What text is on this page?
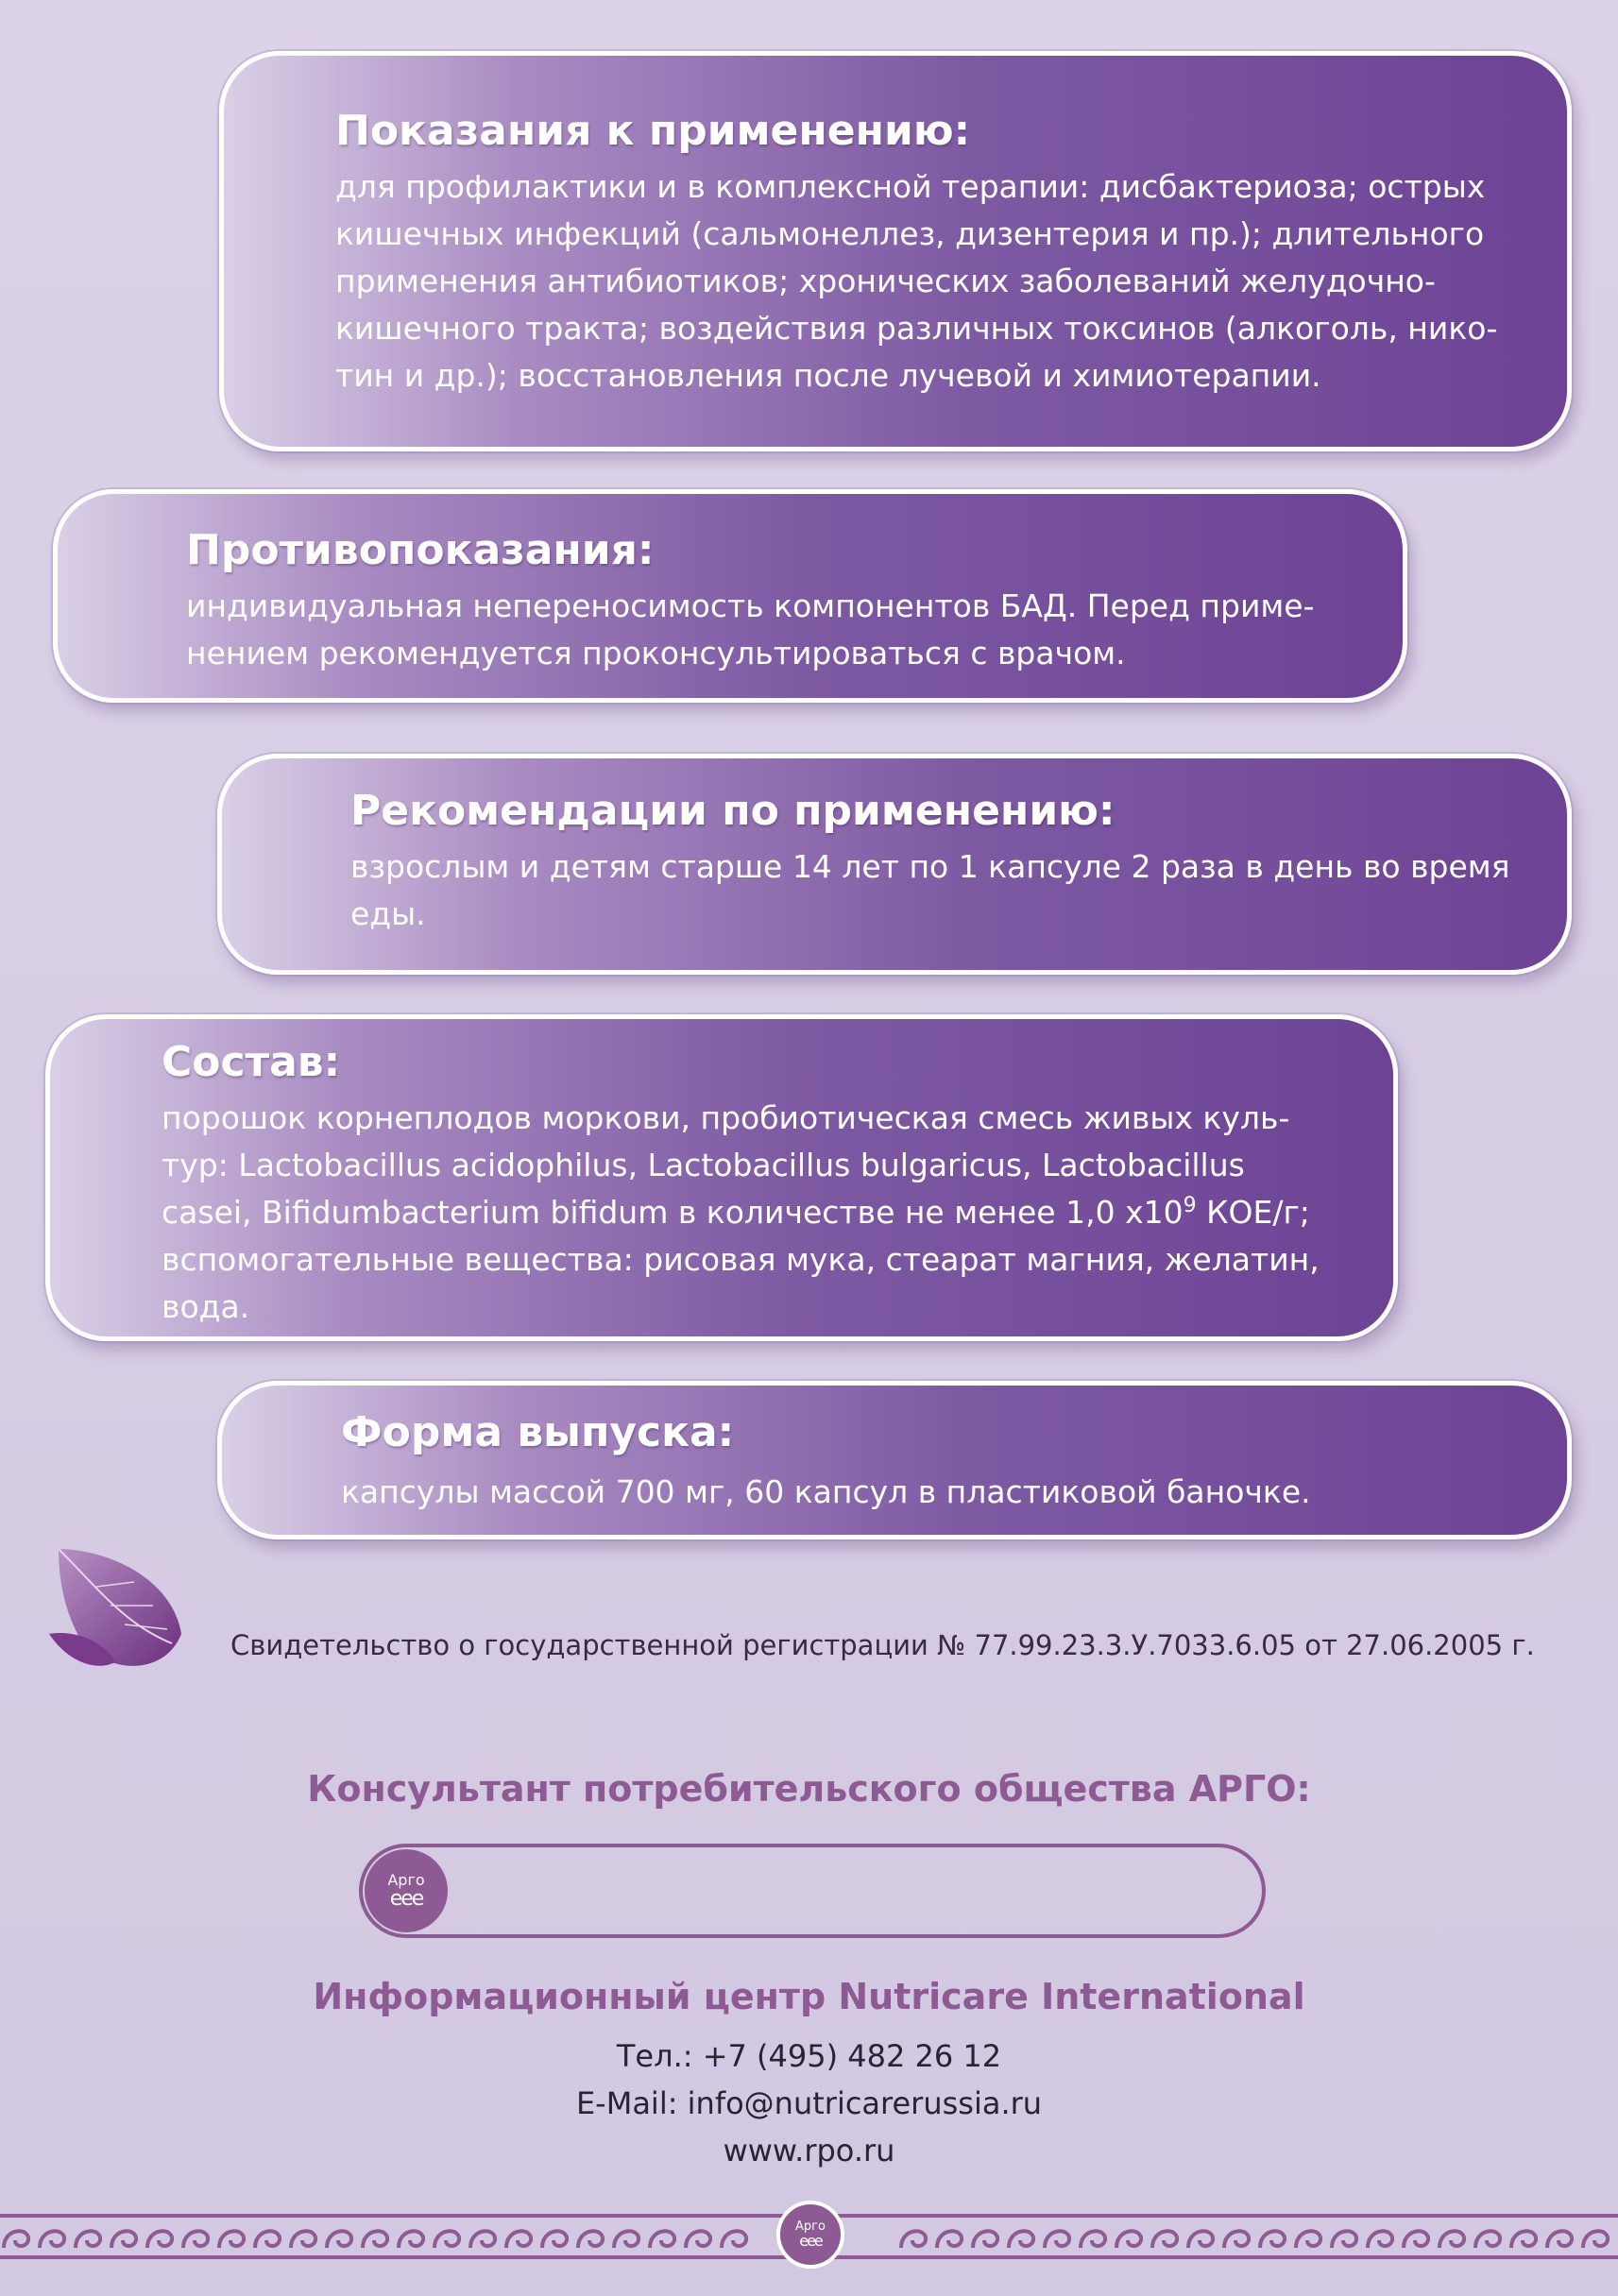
Показания к применению:

для профилактики и в комплексной терапии: дисбактериоза; острых
кишечных инфекций (сальмонеллез, дизентерия и пр.); длительного
применения антибиотиков; хронических заболеваний желудочно-
кишечного тракта; воздействия различных токсинов (алкоголь, нико-
тин и др.); восстановления после лучевой и химиотерапии.

Противопоказания:

индивидуальная непереносимость компонентов БАД. Перед приме-
нением рекомендуется проконсультироваться с врачом.

Рекомендации по применению:

взрослым и детям старше 14 лет по 1 капсуле 2 раза в день во время
еды.

Состав:

порошок корнеплодов моркови, пробиотическая смесь живых куль-
тур: Lactobacillus acidophilus, Lactobacillus bulgaricus, Lactobacillus
casei, Bifidumbacterium bifidum в количестве не менее 1,0 $х10^9$ КОЕ/г;
вспомогательные вещества: рисовая мука, стеарат магния, желатин,
вода.

Форма выпуска:

капсулы массой 700 мг, 60 капсул в пластиковой баночке.

Свидетельство о государственной регистрации № 77.99.23.3.У.7033.6.05 от 27.06.2005 г.
Консультант потребительского общества АРГО:
Арго
ееe
Информационный центр Nutricare International
Тел.: +7 (495) 482 26 12
E-Mail: info@nutricarerussia.ru
www.rpo.ru
Арго
ееe
